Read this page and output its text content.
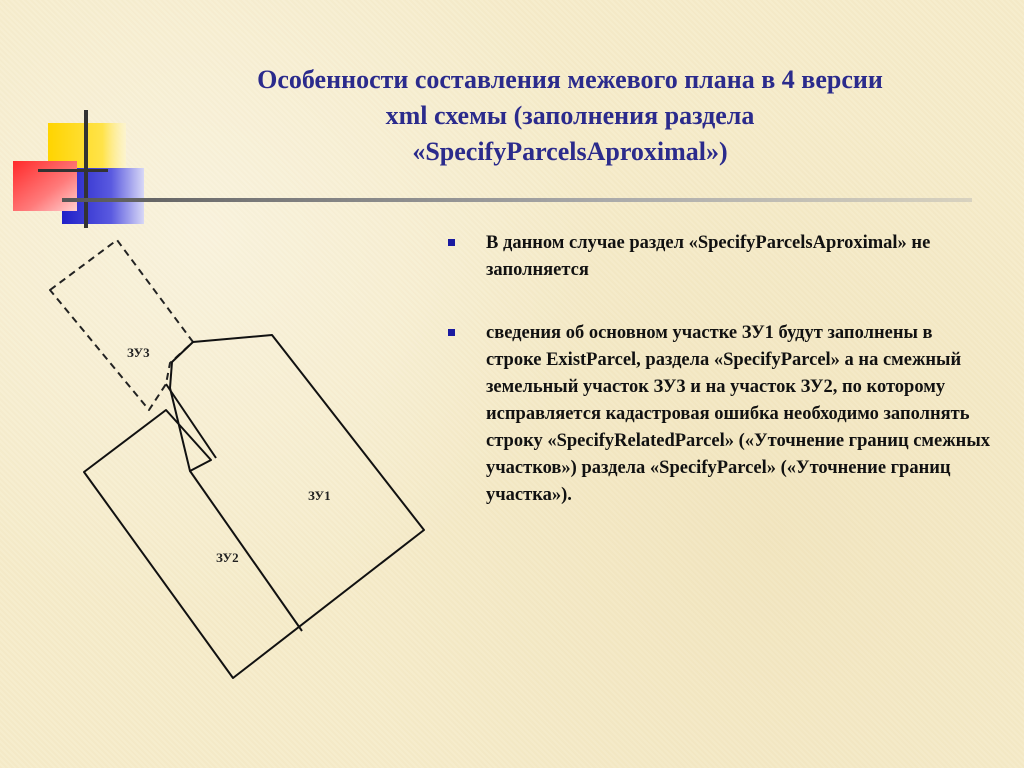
Особенности составления межевого плана в 4 версии
xml схемы (заполнения раздела
«SpecifyParcelsAproximal»)
ЗУ3
ЗУ1
ЗУ2
В данном случае раздел «SpecifyParcelsAproximal» не заполняется
сведения об основном участке ЗУ1 будут заполнены в строке ExistParcel, раздела «SpecifyParcel» а на смежный земельный участок ЗУ3 и на участок ЗУ2, по которому исправляется кадастровая ошибка необходимо заполнять строку «SpecifyRelatedParcel» («Уточнение границ смежных участков») раздела «SpecifyParcel» («Уточнение границ участка»).
